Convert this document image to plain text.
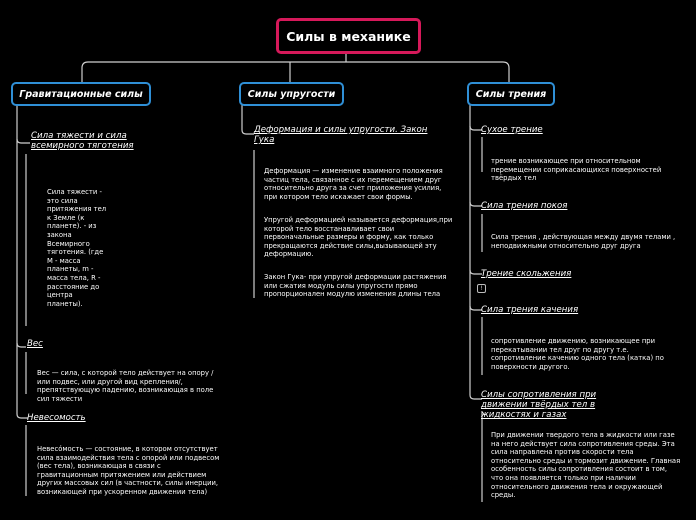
Силы в механике
Гравитационные силы	Силы упругости	Силы трения
Сила тяжести и сила всемирного тяготения
Сила тяжести - это сила притяжения тел к Земле (к планете). - из закона Всемирного тяготения. (где M - масса планеты, m - масса тела, R - расстояние до центра планеты).
Вес
Вес — сила, с которой тело действует на опору /или подвес, или другой вид крепления/, препятствующую падению, возникающая в поле сил тяжести
Невесомость
Невесо́мость — состояние, в котором отсутствует сила взаимодействия тела с опорой или подвесом (вес тела), возникающая в связи с гравитационным притяжением или действием других массовых сил (в частности, силы инерции, возникающей при ускоренном движении тела)
Деформация и силы упругости. Закон Гука
Деформация — изменение взаимного положения частиц тела, связанное с их перемещением друг относительно друга за счет приложения усилия, при котором тело искажает свои формы.
Упругой деформацией называется деформация,при которой тело восстанавливает свои первоначальные размеры и форму, как только прекращаются действие силы,вызывающей эту деформацию.
Закон Гука- при упругой деформации растяжения или сжатия модуль силы упругости прямо пропорционален модулю изменения длины тела
Сухое трение
трение возникающее при относительном перемещении соприкасающихся поверхностей твёрдых тел
Сила трения покоя
Сила трения , действующая между двумя телами , неподвижными относительно друг друга
Трение скольжения
!
Сила трения качения
сопротивление движению, возникающее при перекатывании тел друг по другу т.е. сопротивление качению одного тела (катка) по поверхности другого.
Силы сопротивления при движении твёрдых тел в жидкостях и газах
При движении твердого тела в жидкости или газе на него действует сила сопротивления среды. Эта сила направлена против скорости тела относительно среды и тормозит движение. Главная особенность силы сопротивления состоит в том, что она появляется только при наличии относительного движения тела и окружающей среды.
